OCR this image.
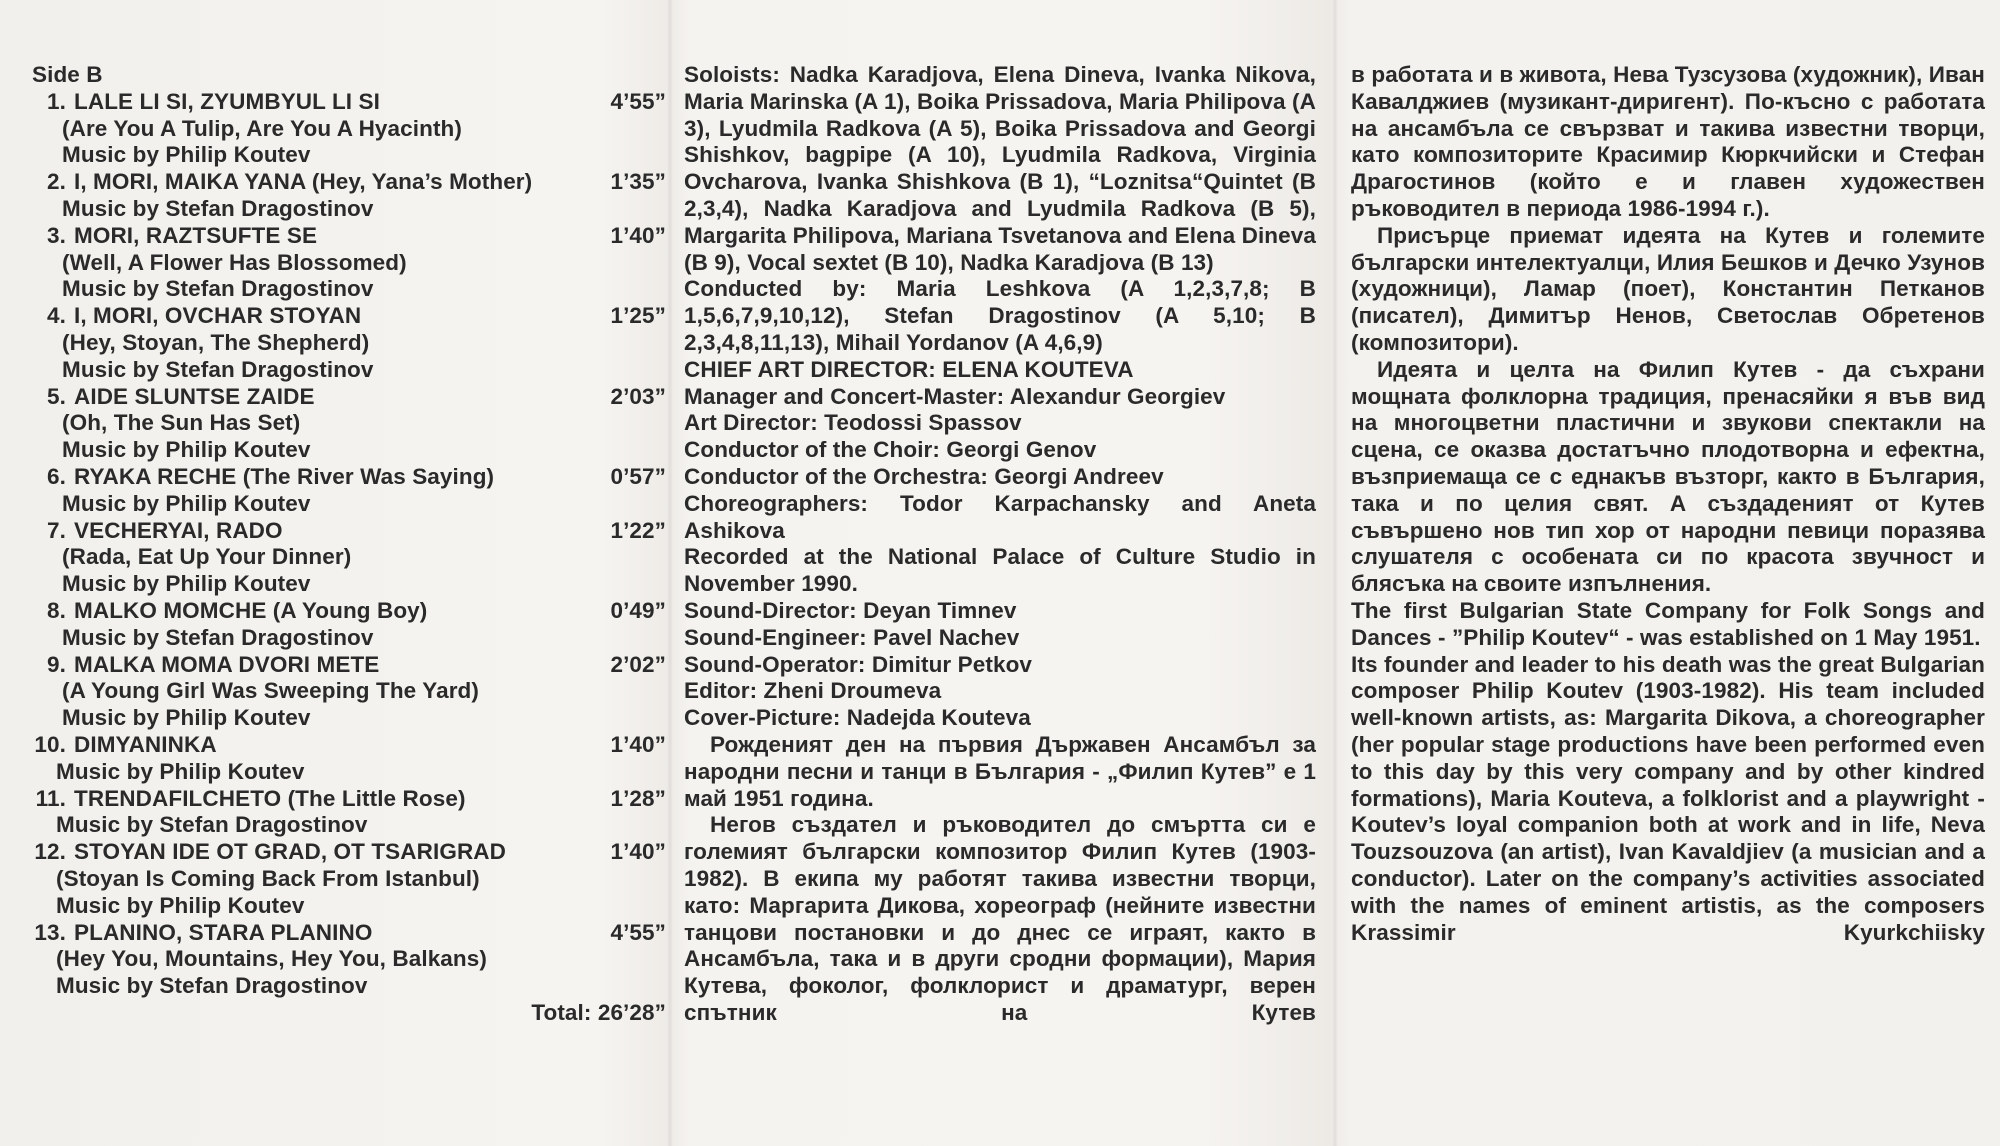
Side B
1. LALE LI SI, ZYUMBYUL LI SI	4’55”
(Are You A Tulip, Are You A Hyacinth)
Music by Philip Koutev
2. I, MORI, MAIKA YANA (Hey, Yana’s Mother)	1’35”
Music by Stefan Dragostinov
3. MORI, RAZTSUFTE SE	1’40”
(Well, A Flower Has Blossomed)
Music by Stefan Dragostinov
4. I, MORI, OVCHAR STOYAN	1’25”
(Hey, Stoyan, The Shepherd)
Music by Stefan Dragostinov
5. AIDE SLUNTSE ZAIDE	2’03”
(Oh, The Sun Has Set)
Music by Philip Koutev
6. RYAKA RECHE (The River Was Saying)	0’57”
Music by Philip Koutev
7. VECHERYAI, RADO	1’22”
(Rada, Eat Up Your Dinner)
Music by Philip Koutev
8. MALKO MOMCHE (A Young Boy)	0’49”
Music by Stefan Dragostinov
9. MALKA MOMA DVORI METE	2’02”
(A Young Girl Was Sweeping The Yard)
Music by Philip Koutev
10. DIMYANINKA	1’40”
Music by Philip Koutev
11. TRENDAFILCHETO (The Little Rose)	1’28”
Music by Stefan Dragostinov
12. STOYAN IDE OT GRAD, OT TSARIGRAD	1’40”
(Stoyan Is Coming Back From Istanbul)
Music by Philip Koutev
13. PLANINO, STARA PLANINO	4’55”
(Hey You, Mountains, Hey You, Balkans)
Music by Stefan Dragostinov
Total: 26’28”

Soloists: Nadka Karadjova, Elena Dineva, Ivanka Nikova, Maria Marinska (A 1), Boika Prissadova, Maria Philipova (A 3), Lyudmila Radkova (A 5), Boika Prissadova and Georgi Shishkov, bagpipe (A 10), Lyudmila Radkova, Virginia Ovcharova, Ivanka Shishkova (B 1), “Loznitsa“Quintet (B 2,3,4), Nadka Karadjova and Lyudmila Radkova (B 5), Margarita Philipova, Mariana Tsvetanova and Elena Dineva (B 9), Vocal sextet (B 10), Nadka Karadjova (B 13)

Conducted by: Maria Leshkova (A 1,2,3,7,8; B 1,5,6,7,9,10,12), Stefan Dragostinov (A 5,10; B 2,3,4,8,11,13), Mihail Yordanov (A 4,6,9)

CHIEF ART DIRECTOR: ELENA KOUTEVA

Manager and Concert-Master: Alexandur Georgiev

Art Director: Teodossi Spassov

Conductor of the Choir: Georgi Genov

Conductor of the Orchestra: Georgi Andreev

Choreographers: Todor Karpachansky and Aneta Ashikova

Recorded at the National Palace of Culture Studio in November 1990.

Sound-Director: Deyan Timnev

Sound-Engineer: Pavel Nachev

Sound-Operator: Dimitur Petkov

Editor: Zheni Droumeva

Cover-Picture: Nadejda Kouteva

Рожденият ден на първия Държавен Ансамбъл за народни песни и танци в България - „Филип Кутев” е 1 май 1951 година.

Негов създател и ръководител до смъртта си е големият български композитор Филип Кутев (1903-1982). В екипа му работят такива известни творци, като: Маргарита Дикова, хореограф (нейните известни танцови постановки и до днес се играят, както в Ансамбъла, така и в други сродни формации), Мария Кутева, фоколог, фолклорист и драматург, верен спътник на Кутев

в работата и в живота, Нева Тузсузова (художник), Иван Кавалджиев (музикант-диригент). По-късно с работата на ансамбъла се свързват и такива известни творци, като композиторите Красимир Кюркчийски и Стефан Драгостинов (който е и главен художествен ръководител в периода 1986-1994 г.).

Присърце приемат идеята на Кутев и големите български интелектуалци, Илия Бешков и Дечко Узунов (художници), Ламар (поет), Константин Петканов (писател), Димитър Ненов, Светослав Обретенов (композитори).

Идеята и целта на Филип Кутев - да съхрани мощната фолклорна традиция, пренасяйки я във вид на многоцветни пластични и звукови спектакли на сцена, се оказва достатъчно плодотворна и ефектна, възприемаща се с еднакъв възторг, както в България, така и по целия свят. А създаденият от Кутев съвършено нов тип хор от народни певици поразява слушателя с особената си по красота звучност и блясъка на своите изпълнения.

The first Bulgarian State Company for Folk Songs and Dances - ”Philip Koutev“ - was established on 1 May 1951.

Its founder and leader to his death was the great Bulgarian composer Philip Koutev (1903-1982). His team included well-known artists, as: Margarita Dikova, a choreographer (her popular stage productions have been performed even to this day by this very company and by other kindred formations), Maria Kouteva, a folklorist and a playwright - Koutev’s loyal companion both at work and in life, Neva Touzsouzova (an artist), Ivan Kavaldjiev (a musician and a conductor). Later on the company’s activities associated with the names of eminent artistis, as the composers Krassimir Kyurkchiisky
